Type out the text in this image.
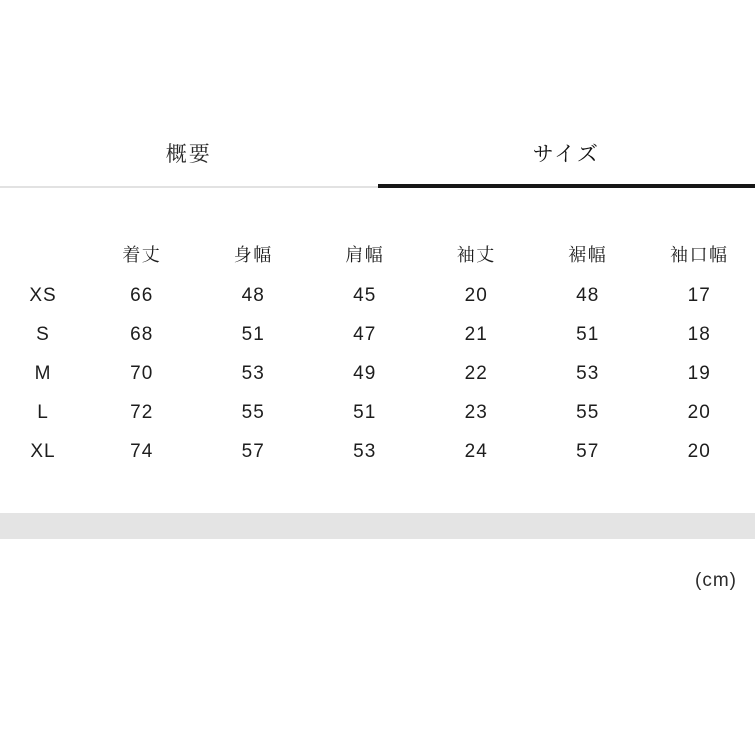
概要	サイズ
	着丈	身幅	肩幅	袖丈	裾幅	袖口幅
XS	66	48	45	20	48	17
S	68	51	47	21	51	18
M	70	53	49	22	53	19
L	72	55	51	23	55	20
XL	74	57	53	24	57	20
(cm)
